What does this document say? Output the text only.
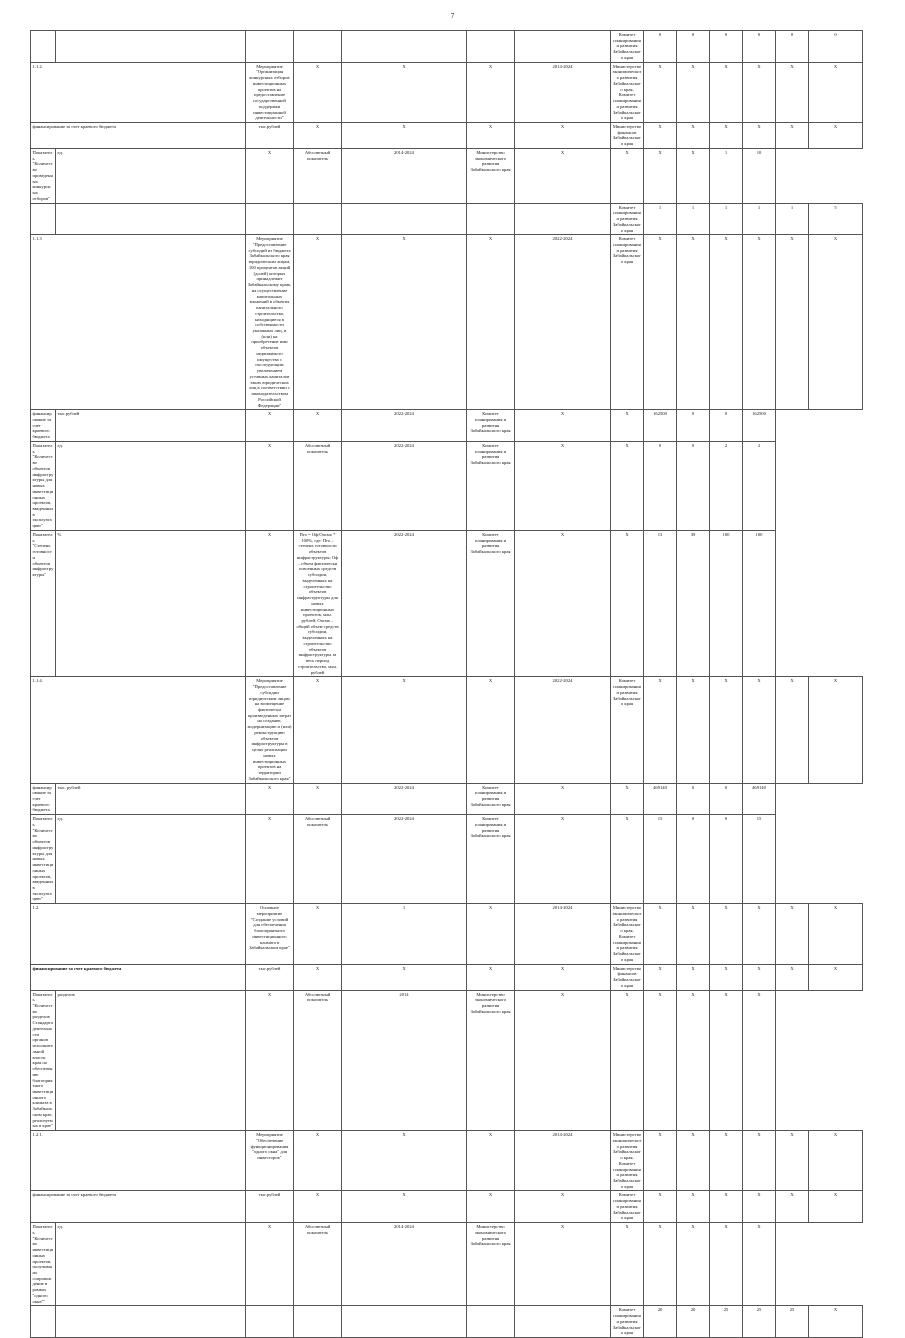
7
							Комитет планирования и развития Забайкальского края	0	0	0	0	0	0
1.1.2.		Мероприятие "Организация конкурсных отборов инвестиционных проектов на предоставление государственной поддержки инвестиционной деятельности"	X	X	X	2014-2024	Министерство экономического развития Забайкальского края, Комитет планирования и развития Забайкальского края	X	X	X	X	X	X
финансирование за счет краевого бюджета		тыс.рублей	X	X	X	X	Министерство финансов Забайкальского края	X	X	X	X	X	X
Показатель "Количество проведенных конкурсных отборов"	ед.	X	Абсолютный показатель	2014-2024	Министерство экономического развития Забайкальского края	X	X	X	X	1	10		
							Комитет планирования и развития Забайкальского края	1	1	1	1	1	5
1.1.3		Мероприятие "Предоставление субсидий из бюджета Забайкальского края юридическим лицам, 100 процентов акций (долей) которых принадлежит Забайкальскому краю, на осуществление капитальных вложений в объекты капитального строительства, находящиеся в собственности указанных лиц, и (или) на приобретение ими объектов недвижимого имущества с последующим увеличением уставных капиталов таких юридических лиц в соответствии с законодательством Российской Федерации"	X	X	X	2022-2024	Комитет планирования и развития Забайкальского края	X	X	X	X	X	X
финансирование за счет краевого бюджета	тыс.рублей	X	X	2022-2024	Комитет планирования и развития Забайкальского края	X	X	162500	0	0	162500		
Показатель "Количество объектов инфраструктуры для новых инвестиционных проектов, введенных в эксплуатацию"	ед.	X	Абсолютный показатель	2022-2024	Комитет планирования и развития Забайкальского края	X	X	0	0	2	2		
Показатель "Степень готовности объектов инфраструктуры"	%	X	Пго = Оф/Оасмо * 100%, где: Пго – степень готовности объектов инфраструктуры; Оф – объем фактически освоенных средств субсидии, выделенных на строительство объектов инфраструктуры для новых инвестиционных проектов, млн. рублей; Оасмо – общий объем средств субсидии, выделенных на строительство объектов инфраструктуры за весь период строительства, млн. рублей	2022-2024	Комитет планирования и развития Забайкальского края	X	X	13	39	100	100		
1.1.4.		Мероприятие "Предоставление субсидии юридическим лицам на возмещение фактически произведенных затрат на создание, модернизацию и (или) реконструкцию объектов инфраструктуры в целях реализации новых инвестиционных проектов на территории Забайкальского края"	X	X	X	2022-2024	Комитет планирования и развития Забайкальского края	X	X	X	X	X	X
финансирование за счет краевого бюджета	тыс. рублей	X	X	2022-2024	Комитет планирования и развития Забайкальского края	X	X	469140	0	0	469140		
Показатель "Количество объектов инфраструктуры для новых инвестиционных проектов, введенных в эксплуатацию"	ед.	X	Абсолютный показатель	2022-2024	Комитет планирования и развития Забайкальского края	X	X	15	0	0	15		
1.2.		Основное мероприятие "Создание условий для обеспечения благоприятного инвестиционного климата в Забайкальском крае"	X	1	X	2014-2024	Министерство экономического развития Забайкальского края, Комитет планирования и развития Забайкальского края	X	X	X	X	X	X
финансирование за счет краевого бюджета		тыс.рублей	X	X	X	X	Министерство финансов Забайкальского края	X	X	X	X	X	X
Показатель "Количество разделов Стандарта деятельности органов исполнительной власти края по обеспечению благоприятного инвестиционного климата в Забайкальском крае, реализуемых в крае"	разделов	X	Абсолютный показатель	2014	Министерство экономического развития Забайкальского края	X	X	X	X	X	X		
1.2.1.		Мероприятие "Обеспечение функционирования "одного окна" для инвесторов"	X	X	X	2014-2024	Министерство экономического развития Забайкальского края, Комитет планирования и развития Забайкальского края	X	X	X	X	X	X
финансирование за счет краевого бюджета		тыс.рублей	X	X	X	X	Комитет планирования и развития Забайкальского края	X	X	X	X	X	X
Показатель "Количество инвестиционных проектов, получивших сопровождение в рамках "одного окна""	ед.	X	Абсолютный показатель	2014-2024	Министерство экономического развития Забайкальского края	X	X	X	X	X	X		
							Комитет планирования и развития Забайкальского края	20	20	25	25	25	X
